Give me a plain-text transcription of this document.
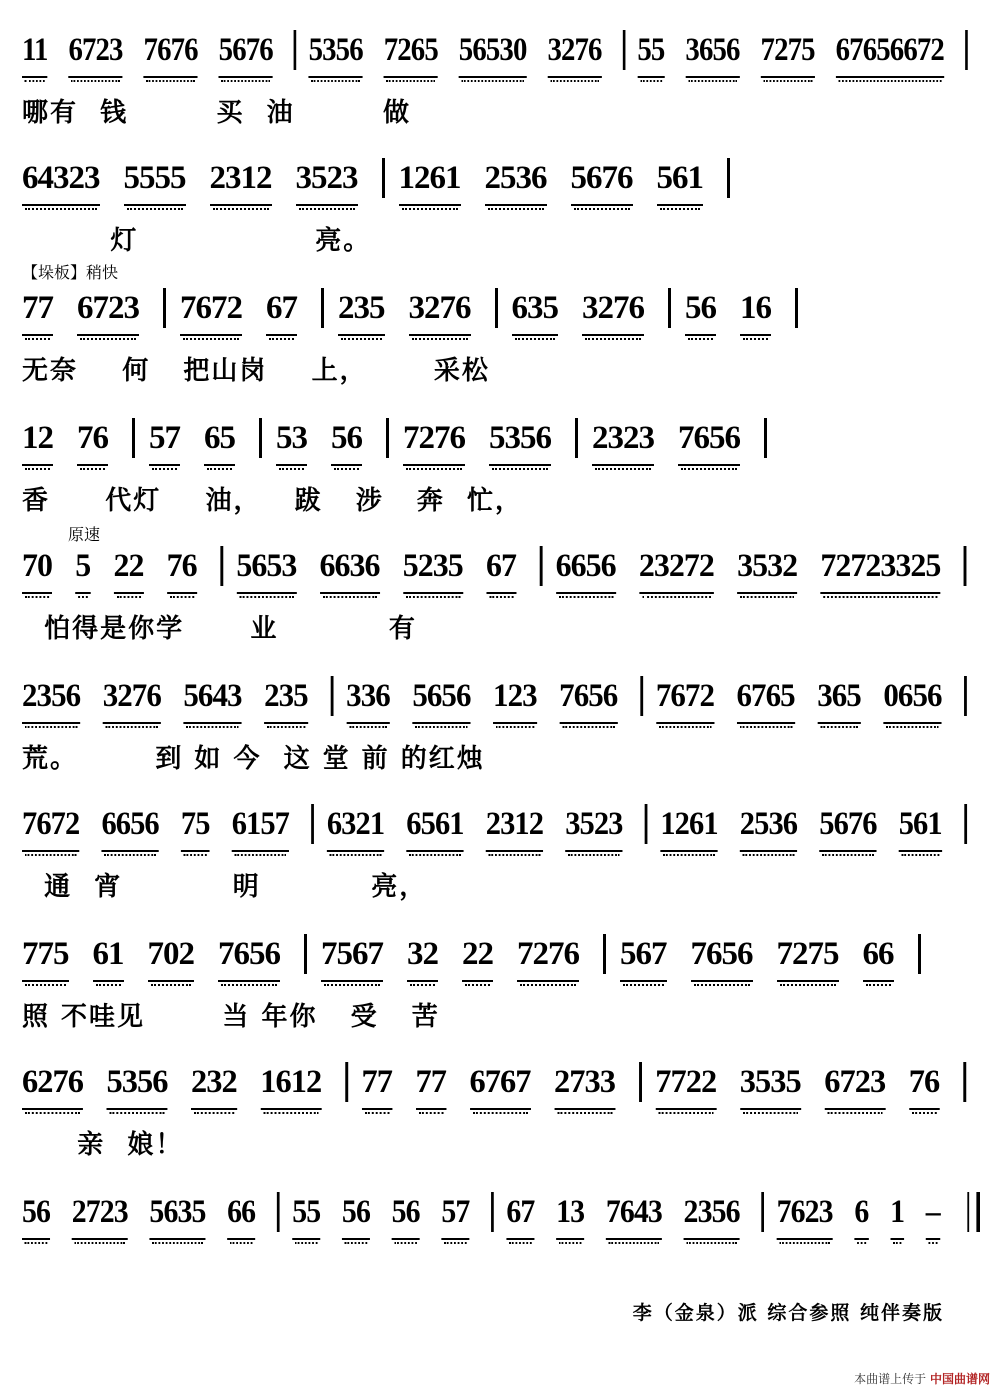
11 6723 7676 5676 5356 7265 56530 3276 55 3656 7275 67656672
哪有  钱        买  油        做
64323 5555 2312 3523 1261 2536 5676 561
灯                亮。
【垛板】稍快
77 6723 7672 67 235 3276 635 3276 56 16
无奈    何   把山岗    上，      采松
12 76 57 65 53 56 7276 5356 2323 7656
香     代灯    油，   跋   涉   奔  忙，
原速
70 5 22 76 5653 6636 5235 67 6656 23272 3532 72723325
怕得是你学      业          有
2356 3276 5643 235 336 5656 123 7656 7672 6765 365 0656
荒。       到 如 今  这 堂 前 的红烛
7672 6656 75 6157 6321 6561 2312 3523 1261 2536 5676 561
通  宵          明          亮，
775 61 702 7656 7567 32 22 7276 567 7656 7275 66
照 不哇见       当 年你   受   苦
6276 5356 232 1612 77 77 6767 2733 7722 3535 6723 76
亲  娘！
56 2723 5635 66 55 56 56 57 67 13 7643 2356 7623 6 1 –
李（金泉）派 综合参照 纯伴奏版
本曲谱上传于 中国曲谱网
